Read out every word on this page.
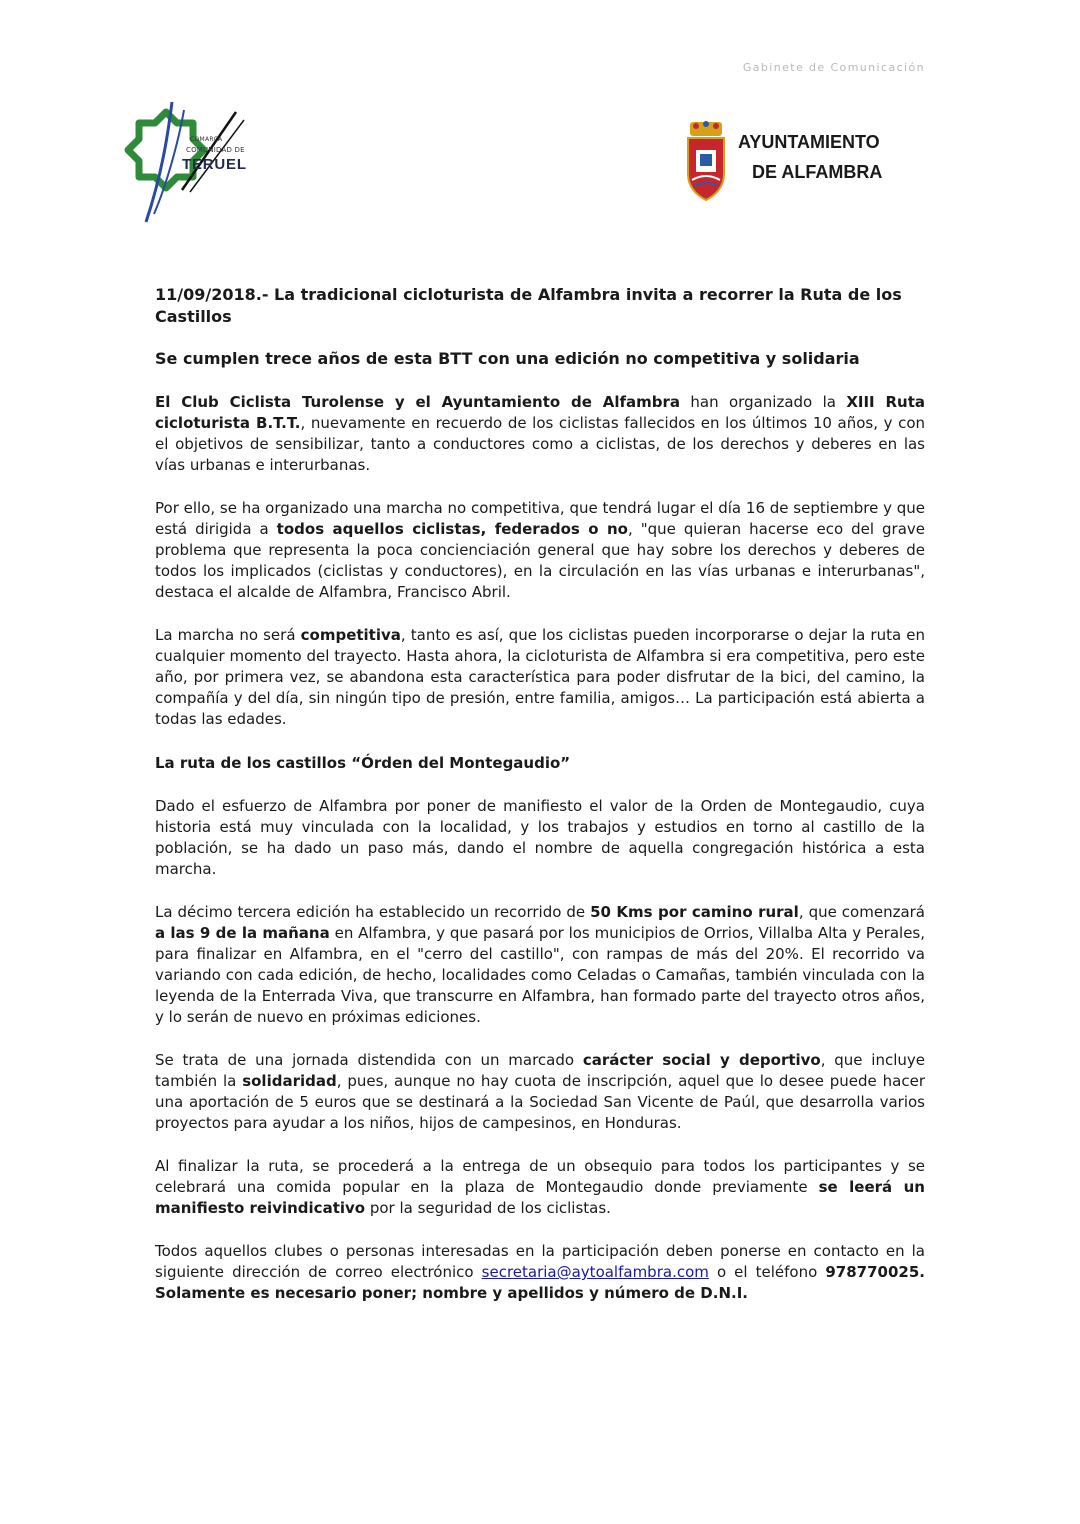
Gabinete de Comunicación
COMARCA
COMUNIDAD DE
TERUEL
AYUNTAMIENTO
DE ALFAMBRA

11/09/2018.- La tradicional cicloturista de Alfambra invita a recorrer la Ruta de los Castillos

Se cumplen trece años de esta BTT con una edición no competitiva y solidaria

El Club Ciclista Turolense y el Ayuntamiento de Alfambra han organizado la XIII Ruta cicloturista B.T.T., nuevamente en recuerdo de los ciclistas fallecidos en los últimos 10 años, y con el objetivos de sensibilizar, tanto a conductores como a ciclistas, de los derechos y deberes en las vías urbanas e interurbanas.

Por ello, se ha organizado una marcha no competitiva, que tendrá lugar el día 16 de septiembre y que está dirigida a todos aquellos ciclistas, federados o no, "que quieran hacerse eco del grave problema que representa la poca concienciación general que hay sobre los derechos y deberes de todos los implicados (ciclistas y conductores), en la circulación en las vías urbanas e interurbanas", destaca el alcalde de Alfambra, Francisco Abril.

La marcha no será competitiva, tanto es así, que los ciclistas pueden incorporarse o dejar la ruta en cualquier momento del trayecto. Hasta ahora, la cicloturista de Alfambra si era competitiva, pero este año, por primera vez, se abandona esta característica para poder disfrutar de la bici, del camino, la compañía y del día, sin ningún tipo de presión, entre familia, amigos… La participación está abierta a todas las edades.

La ruta de los castillos “Órden del Montegaudio”

Dado el esfuerzo de Alfambra por poner de manifiesto el valor de la Orden de Montegaudio, cuya historia está muy vinculada con la localidad, y los trabajos y estudios en torno al castillo de la población, se ha dado un paso más, dando el nombre de aquella congregación histórica a esta marcha.

La décimo tercera edición ha establecido un recorrido de 50 Kms por camino rural, que comenzará a las 9 de la mañana en Alfambra, y que pasará por los municipios de Orrios, Villalba Alta y Perales, para finalizar en Alfambra, en el "cerro del castillo", con rampas de más del 20%. El recorrido va variando con cada edición, de hecho, localidades como Celadas o Camañas, también vinculada con la leyenda de la Enterrada Viva, que transcurre en Alfambra, han formado parte del trayecto otros años, y lo serán de nuevo en próximas ediciones.

Se trata de una jornada distendida con un marcado carácter social y deportivo, que incluye también la solidaridad, pues, aunque no hay cuota de inscripción, aquel que lo desee puede hacer una aportación de 5 euros que se destinará a la Sociedad San Vicente de Paúl, que desarrolla varios proyectos para ayudar a los niños, hijos de campesinos, en Honduras.

Al finalizar la ruta, se procederá a la entrega de un obsequio para todos los participantes y se celebrará una comida popular en la plaza de Montegaudio donde previamente se leerá un manifiesto reivindicativo por la seguridad de los ciclistas.

Todos aquellos clubes o personas interesadas en la participación deben ponerse en contacto en la siguiente dirección de correo electrónico secretaria@aytoalfambra.com o el teléfono 978770025. Solamente es necesario poner; nombre y apellidos y número de D.N.I.
